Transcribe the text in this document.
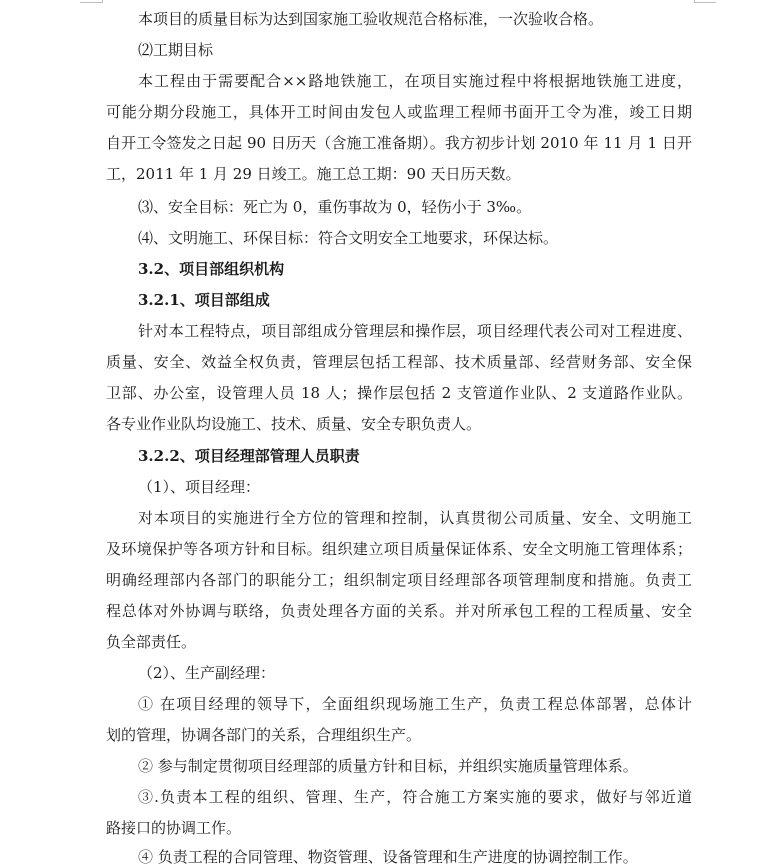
本项目的质量目标为达到国家施工验收规范合格标准，一次验收合格。
⑵工期目标
本工程由于需要配合××路地铁施工，在项目实施过程中将根据地铁施工进度，
可能分期分段施工，具体开工时间由发包人或监理工程师书面开工令为准，竣工日期
自开工令签发之日起 90 日历天（含施工准备期）。我方初步计划 2010 年 11 月 1 日开
工，2011 年 1 月 29 日竣工。施工总工期：90 天日历天数。
⑶、安全目标：死亡为 0，重伤事故为 0，轻伤小于 3‰。
⑷、文明施工、环保目标：符合文明安全工地要求，环保达标。
3.2、项目部组织机构
3.2.1、项目部组成
针对本工程特点，项目部组成分管理层和操作层，项目经理代表公司对工程进度、
质量、安全、效益全权负责，管理层包括工程部、技术质量部、经营财务部、安全保
卫部、办公室，设管理人员 18 人；操作层包括 2 支管道作业队、2 支道路作业队。
各专业作业队均设施工、技术、质量、安全专职负责人。
3.2.2、项目经理部管理人员职责
（1）、项目经理：
对本项目的实施进行全方位的管理和控制，认真贯彻公司质量、安全、文明施工
及环境保护等各项方针和目标。组织建立项目质量保证体系、安全文明施工管理体系；
明确经理部内各部门的职能分工；组织制定项目经理部各项管理制度和措施。负责工
程总体对外协调与联络，负责处理各方面的关系。并对所承包工程的工程质量、安全
负全部责任。
（2）、生产副经理：
① 在项目经理的领导下，全面组织现场施工生产，负责工程总体部署，总体计
划的管理，协调各部门的关系，合理组织生产。
② 参与制定贯彻项目经理部的质量方针和目标，并组织实施质量管理体系。
③.负责本工程的组织、管理、生产，符合施工方案实施的要求，做好与邻近道
路接口的协调工作。
④ 负责工程的合同管理、物资管理、设备管理和生产进度的协调控制工作。
